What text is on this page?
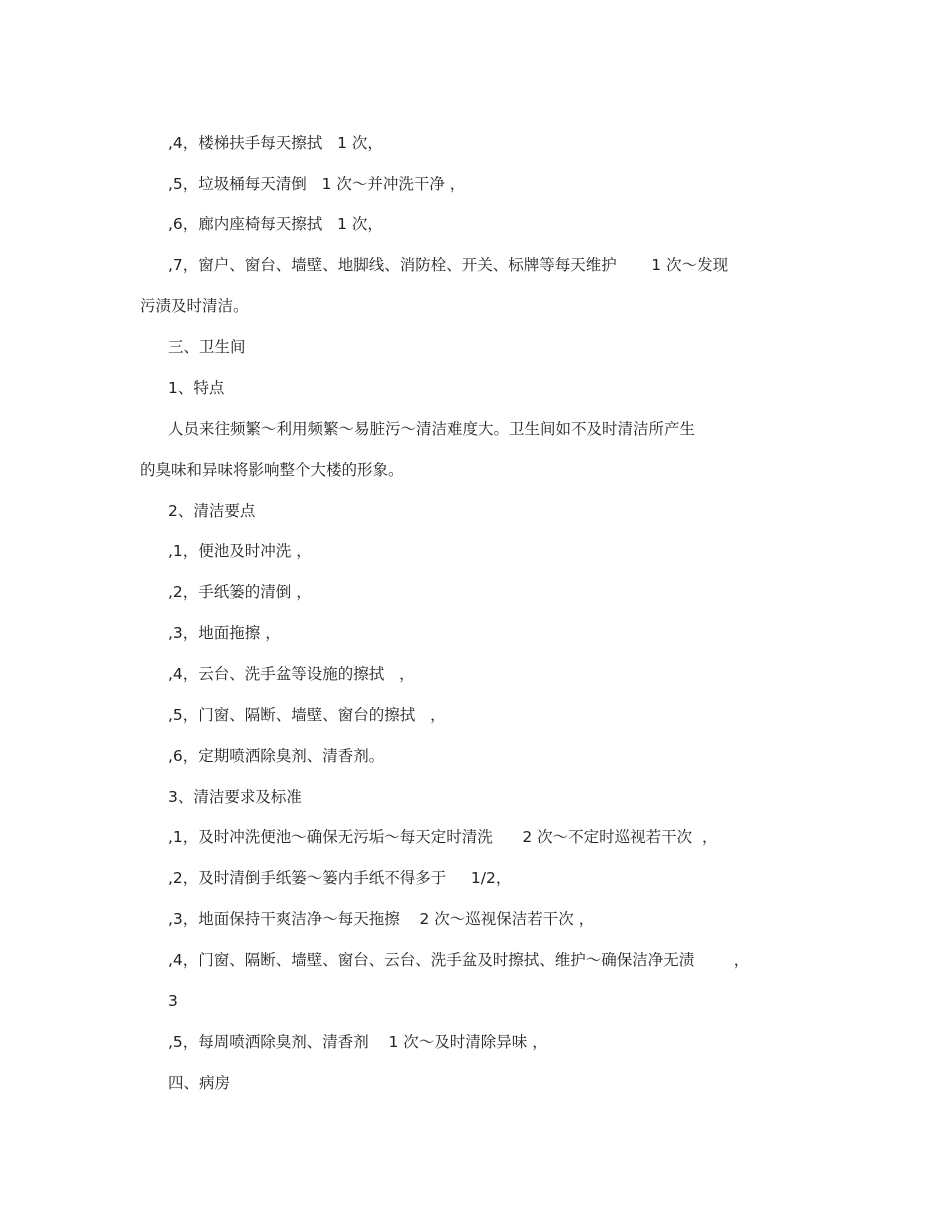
,4，楼梯扶手每天擦拭   1 次，
,5，垃圾桶每天清倒   1 次～并冲洗干净 ，
,6，廊内座椅每天擦拭   1 次，
,7，窗户、窗台、墙壁、地脚线、消防栓、开关、标牌等每天维护       1 次～发现
污渍及时清洁。
三、卫生间
1、特点
人员来往频繁～利用频繁～易脏污～清洁难度大。卫生间如不及时清洁所产生
的臭味和异味将影响整个大楼的形象。
2、清洁要点
,1，便池及时冲洗 ，
,2，手纸篓的清倒 ，
,3，地面拖擦 ，
,4，云台、洗手盆等设施的擦拭   ，
,5，门窗、隔断、墙壁、窗台的擦拭   ，
,6，定期喷洒除臭剂、清香剂。
3、清洁要求及标准
,1，及时冲洗便池～确保无污垢～每天定时清洗      2 次～不定时巡视若干次  ，
,2，及时清倒手纸篓～篓内手纸不得多于     1/2，
,3，地面保持干爽洁净～每天拖擦    2 次～巡视保洁若干次 ，
,4，门窗、隔断、墙壁、窗台、云台、洗手盆及时擦拭、维护～确保洁净无渍        ，
3
,5，每周喷洒除臭剂、清香剂    1 次～及时清除异味 ，
四、病房
